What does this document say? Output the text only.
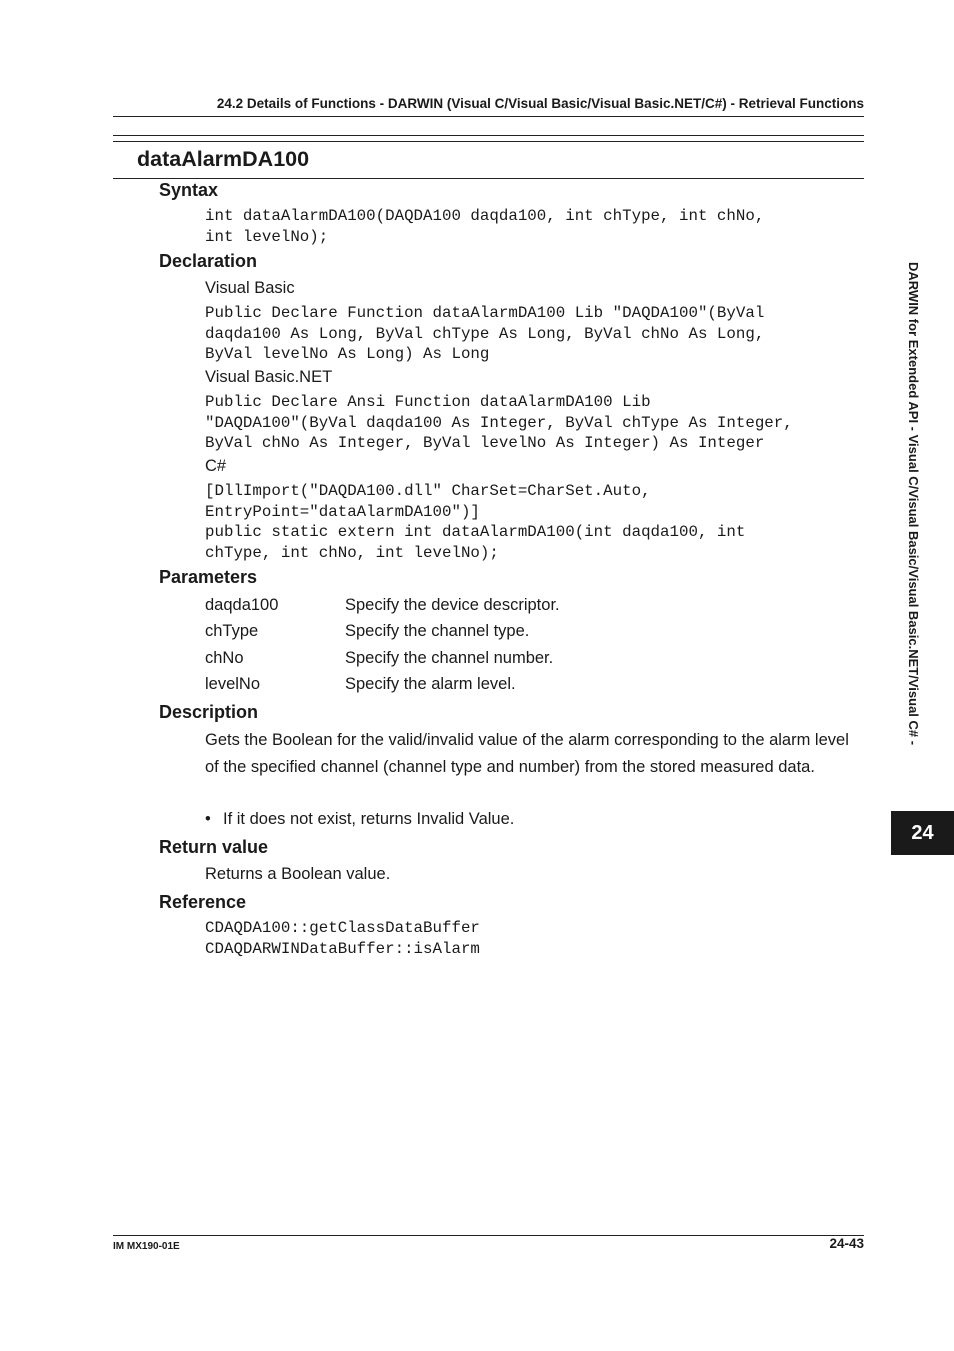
24.2 Details of Functions - DARWIN (Visual C/Visual Basic/Visual Basic.NET/C#) - Retrieval Functions
dataAlarmDA100
Syntax
int dataAlarmDA100(DAQDA100 daqda100, int chType, int chNo,
int levelNo);
Declaration
Visual Basic
Public Declare Function dataAlarmDA100 Lib "DAQDA100"(ByVal
daqda100 As Long, ByVal chType As Long, ByVal chNo As Long,
ByVal levelNo As Long) As Long
Visual Basic.NET
Public Declare Ansi Function dataAlarmDA100 Lib
"DAQDA100"(ByVal daqda100 As Integer, ByVal chType As Integer,
ByVal chNo As Integer, ByVal levelNo As Integer) As Integer
C#
[DllImport("DAQDA100.dll" CharSet=CharSet.Auto,
EntryPoint="dataAlarmDA100")]
public static extern int dataAlarmDA100(int daqda100, int
chType, int chNo, int levelNo);
Parameters
daqda100	Specify the device descriptor.
chType	Specify the channel type.
chNo	Specify the channel number.
levelNo	Specify the alarm level.
Description
Gets the Boolean for the valid/invalid value of the alarm corresponding to the alarm level of the specified channel (channel type and number) from the stored measured data.
• If it does not exist, returns Invalid Value.
Return value
Returns a Boolean value.
Reference
CDAQDA100::getClassDataBuffer
CDAQDARWINDataBuffer::isAlarm
DARWIN for Extended API - Visual C/Visual Basic/Visual Basic.NET/Visual C# -
24
IM MX190-01E	24-43
